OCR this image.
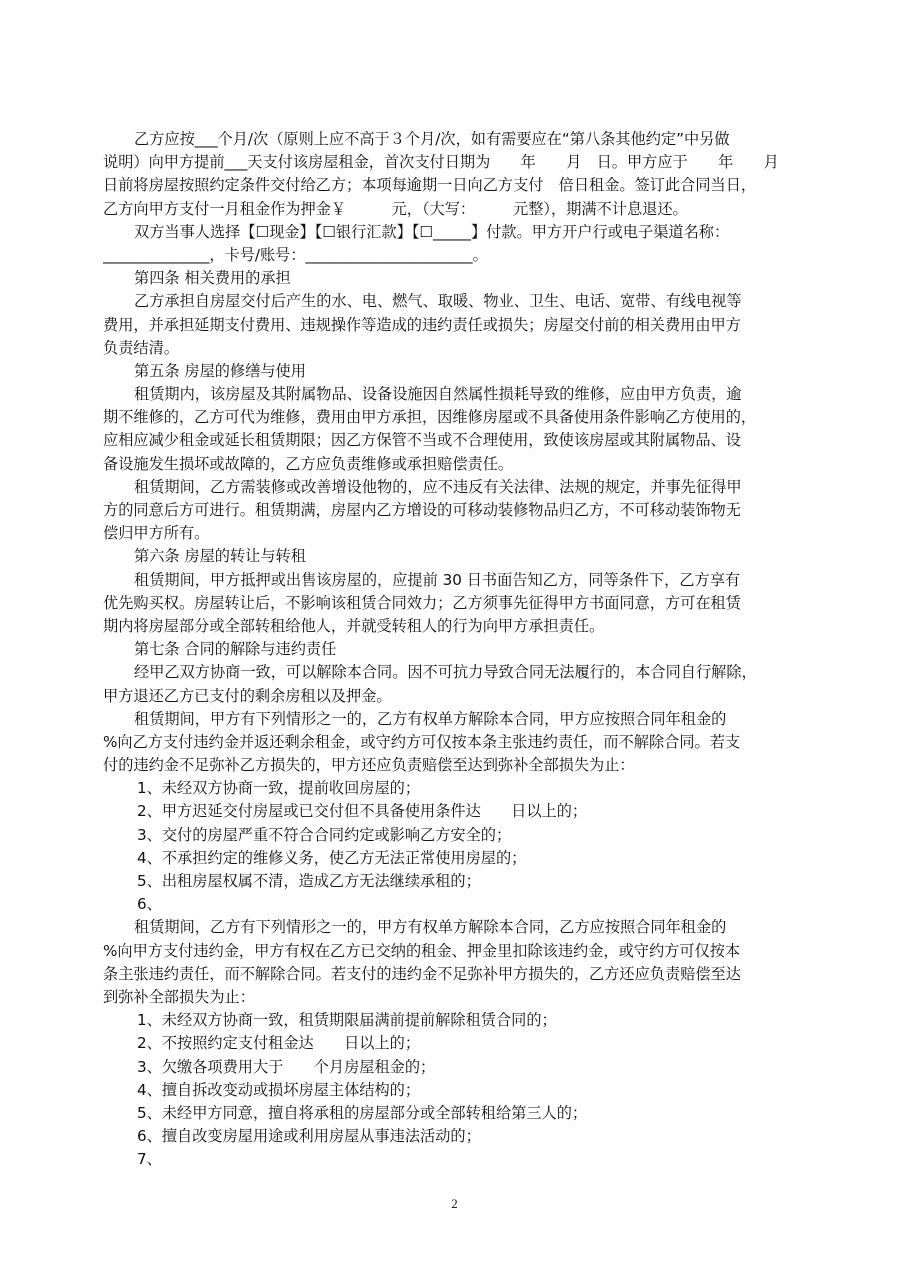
乙方应按___个月/次（原则上应不高于３个月/次，如有需要应在“第八条其他约定”中另做
说明）向甲方提前___天支付该房屋租金，首次支付日期为　　年　　月　日。甲方应于　　年　　月
日前将房屋按照约定条件交付给乙方；本项每逾期一日向乙方支付　倍日租金。签订此合同当日，
乙方向甲方支付一月租金作为押金￥　　　元，（大写：　　　元整），期满不计息退还。
双方当事人选择【☐现金】【☐银行汇款】【☐_____】付款。甲方开户行或电子渠道名称：
______________，卡号/账号：______________________。
第四条 相关费用的承担
乙方承担自房屋交付后产生的水、电、燃气、取暖、物业、卫生、电话、宽带、有线电视等
费用，并承担延期支付费用、违规操作等造成的违约责任或损失；房屋交付前的相关费用由甲方
负责结清。
第五条 房屋的修缮与使用
租赁期内，该房屋及其附属物品、设备设施因自然属性损耗导致的维修，应由甲方负责，逾
期不维修的，乙方可代为维修，费用由甲方承担，因维修房屋或不具备使用条件影响乙方使用的，
应相应减少租金或延长租赁期限；因乙方保管不当或不合理使用，致使该房屋或其附属物品、设
备设施发生损坏或故障的，乙方应负责维修或承担赔偿责任。
租赁期间，乙方需装修或改善增设他物的，应不违反有关法律、法规的规定，并事先征得甲
方的同意后方可进行。租赁期满，房屋内乙方增设的可移动装修物品归乙方，不可移动装饰物无
偿归甲方所有。
第六条 房屋的转让与转租
租赁期间，甲方抵押或出售该房屋的，应提前 30 日书面告知乙方，同等条件下，乙方享有
优先购买权。房屋转让后，不影响该租赁合同效力；乙方须事先征得甲方书面同意，方可在租赁
期内将房屋部分或全部转租给他人，并就受转租人的行为向甲方承担责任。
第七条 合同的解除与违约责任
经甲乙双方协商一致，可以解除本合同。因不可抗力导致合同无法履行的，本合同自行解除，
甲方退还乙方已支付的剩余房租以及押金。
租赁期间，甲方有下列情形之一的，乙方有权单方解除本合同，甲方应按照合同年租金的
%向乙方支付违约金并返还剩余租金，或守约方可仅按本条主张违约责任，而不解除合同。若支
付的违约金不足弥补乙方损失的，甲方还应负责赔偿至达到弥补全部损失为止：
1、未经双方协商一致，提前收回房屋的；
2、甲方迟延交付房屋或已交付但不具备使用条件达　　日以上的；
3、交付的房屋严重不符合合同约定或影响乙方安全的；
4、不承担约定的维修义务，使乙方无法正常使用房屋的；
5、出租房屋权属不清，造成乙方无法继续承租的；
6、
租赁期间，乙方有下列情形之一的，甲方有权单方解除本合同，乙方应按照合同年租金的
%向甲方支付违约金，甲方有权在乙方已交纳的租金、押金里扣除该违约金，或守约方可仅按本
条主张违约责任，而不解除合同。若支付的违约金不足弥补甲方损失的，乙方还应负责赔偿至达
到弥补全部损失为止：
1、未经双方协商一致，租赁期限届满前提前解除租赁合同的；
2、不按照约定支付租金达　　日以上的；
3、欠缴各项费用大于　　个月房屋租金的；
4、擅自拆改变动或损坏房屋主体结构的；
5、未经甲方同意，擅自将承租的房屋部分或全部转租给第三人的；
6、擅自改变房屋用途或利用房屋从事违法活动的；
7、
2
